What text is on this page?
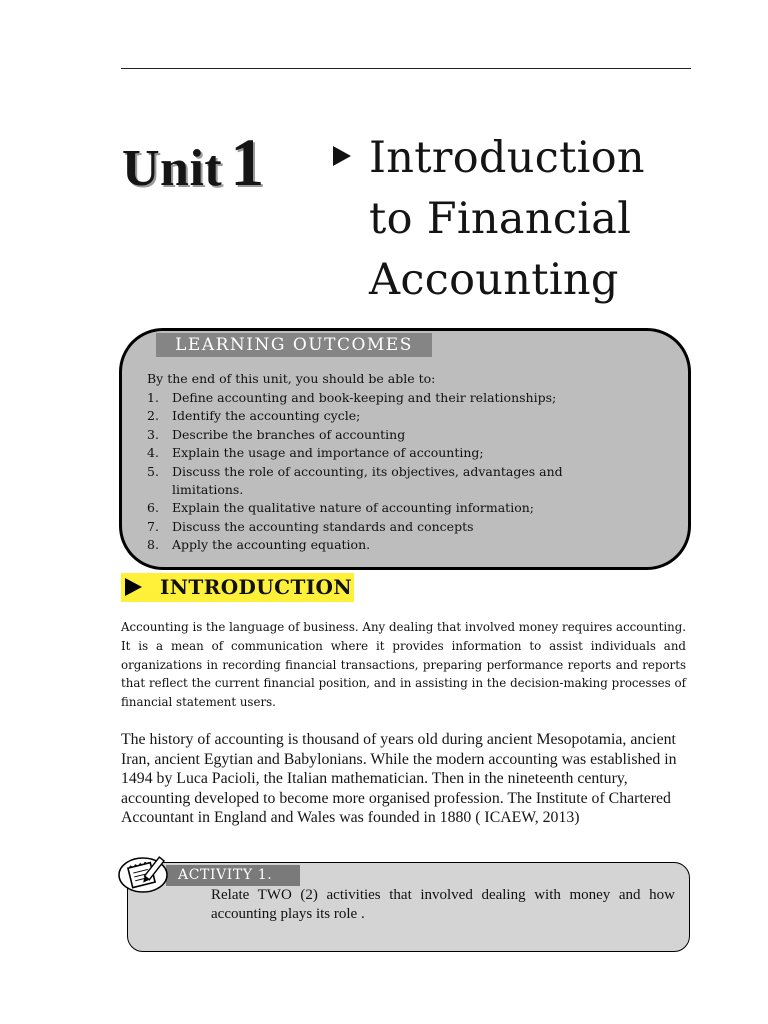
Unit 1 Introduction
to Financial
Accounting
LEARNING OUTCOMES
By the end of this unit, you should be able to:
1. Define accounting and book-keeping and their relationships;
2. Identify the accounting cycle;
3. Describe the branches of accounting
4. Explain the usage and importance of accounting;
5. Discuss the role of accounting, its objectives, advantages and limitations.
6. Explain the qualitative nature of accounting information;
7. Discuss the accounting standards and concepts
8. Apply the accounting equation.
INTRODUCTION

Accounting is the language of business. Any dealing that involved money requires accounting. It is a mean of communication where it provides information to assist individuals and organizations in recording financial transactions, preparing performance reports and reports that reflect the current financial position, and in assisting in the decision-making processes of financial statement users.

The history of accounting is thousand of years old during ancient Mesopotamia, ancient Iran, ancient Egytian and Babylonians. While the modern accounting was established in 1494 by Luca Pacioli, the Italian mathematician. Then in the nineteenth century, accounting developed to become more organised profession. The Institute of Chartered Accountant in England and Wales was founded in 1880 ( ICAEW, 2013)

ACTIVITY 1.
Relate TWO (2) activities that involved dealing with money and how accounting plays its role .
